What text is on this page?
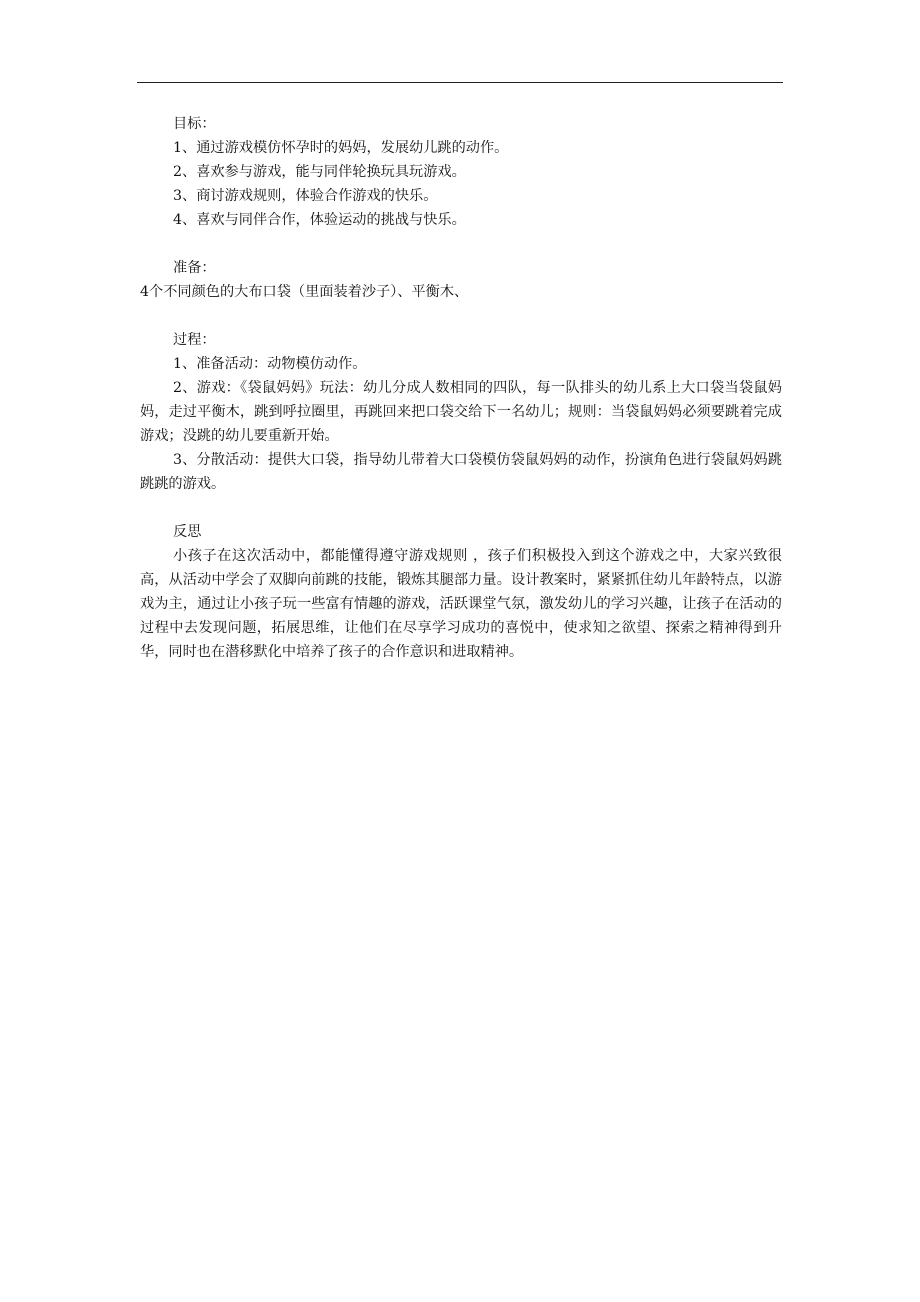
目标：

1、通过游戏模仿怀孕时的妈妈，发展幼儿跳的动作。

2、喜欢参与游戏，能与同伴轮换玩具玩游戏。

3、商讨游戏规则，体验合作游戏的快乐。

4、喜欢与同伴合作，体验运动的挑战与快乐。

准备：

4个不同颜色的大布口袋（里面装着沙子）、平衡木、

过程：

1、准备活动：动物模仿动作。

2、游戏：《袋鼠妈妈》玩法：幼儿分成人数相同的四队，每一队排头的幼儿系上大口袋当袋鼠妈妈，走过平衡木，跳到呼拉圈里，再跳回来把口袋交给下一名幼儿；规则：当袋鼠妈妈必须要跳着完成游戏；没跳的幼儿要重新开始。

3、分散活动：提供大口袋，指导幼儿带着大口袋模仿袋鼠妈妈的动作，扮演角色进行袋鼠妈妈跳跳跳的游戏。

反思

小孩子在这次活动中，都能懂得遵守游戏规则 ，孩子们积极投入到这个游戏之中，大家兴致很高，从活动中学会了双脚向前跳的技能，锻炼其腿部力量。设计教案时，紧紧抓住幼儿年龄特点，以游戏为主，通过让小孩子玩一些富有情趣的游戏，活跃课堂气氛，激发幼儿的学习兴趣，让孩子在活动的过程中去发现问题，拓展思维，让他们在尽享学习成功的喜悦中，使求知之欲望、探索之精神得到升华，同时也在潜移默化中培养了孩子的合作意识和进取精神。
